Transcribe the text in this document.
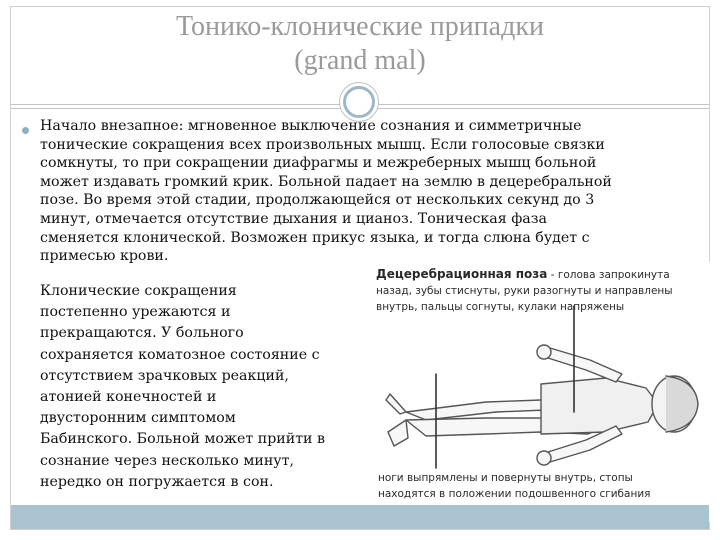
Тонико-клонические припадки
(grand mal)
Начало внезапное: мгновенное выключение сознания и симметричные
тонические сокращения всех произвольных мышц. Если голосовые связки
сомкнуты, то при сокращении диафрагмы и межреберных мышц больной
может издавать громкий крик. Больной падает на землю в децеребральной
позе. Во время этой стадии, продолжающейся от нескольких секунд до 3
минут, отмечается отсутствие дыхания и цианоз. Тоническая фаза
сменяется клонической. Возможен прикус языка, и тогда слюна будет с
примесью крови.
Клонические сокращения
постепенно урежаются и
прекращаются. У больного
сохраняется коматозное состояние с
отсутствием зрачковых реакций,
атонией конечностей и
двусторонним симптомом
Бабинского. Больной может прийти в
сознание через несколько минут,
нередко он погружается в сон.
Децеребрационная поза - голова запрокинута
назад, зубы стиснуты, руки разогнуты и направлены
внутрь, пальцы согнуты, кулаки напряжены
ноги выпрямлены и повернуты внутрь, стопы
находятся в положении подошвенного сгибания
